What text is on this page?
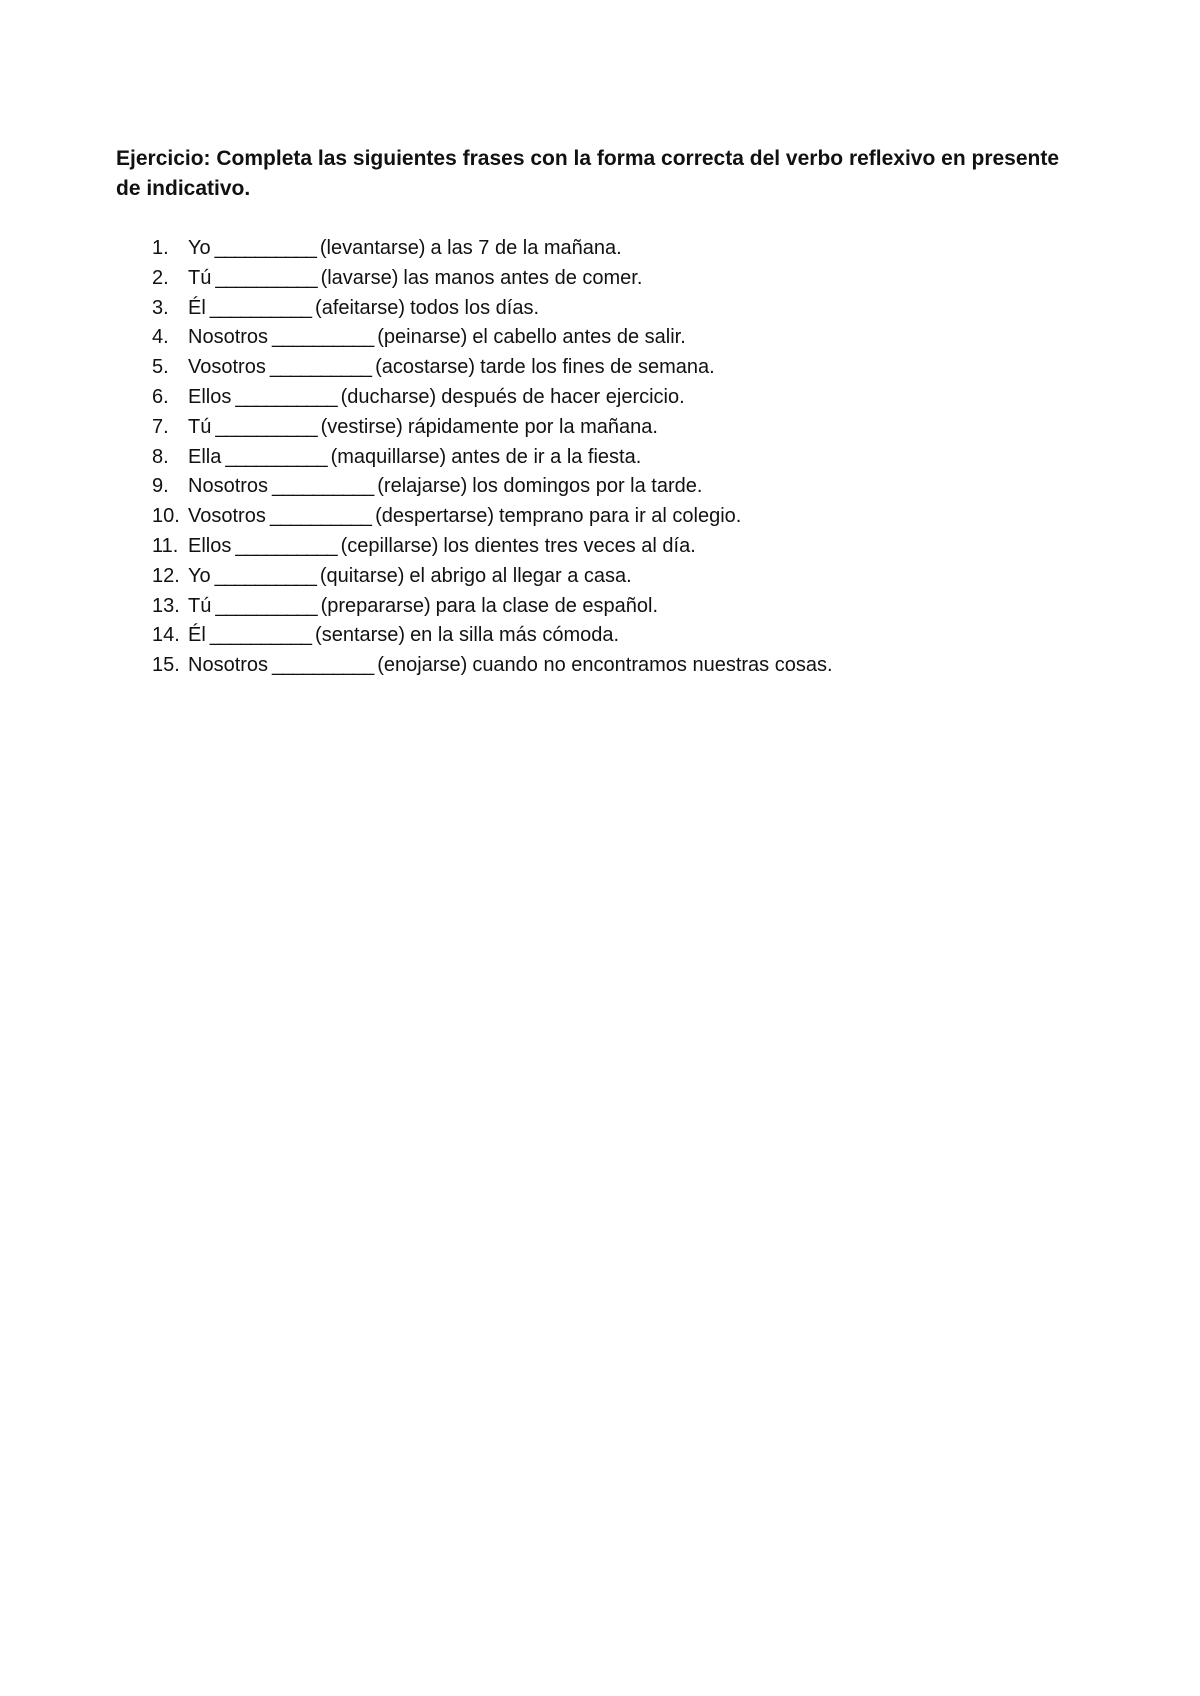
Ejercicio: Completa las siguientes frases con la forma correcta del verbo reflexivo en presente de indicativo.

1. Yo __________ (levantarse) a las 7 de la mañana.
2. Tú __________ (lavarse) las manos antes de comer.
3. Él __________ (afeitarse) todos los días.
4. Nosotros __________ (peinarse) el cabello antes de salir.
5. Vosotros __________ (acostarse) tarde los fines de semana.
6. Ellos __________ (ducharse) después de hacer ejercicio.
7. Tú __________ (vestirse) rápidamente por la mañana.
8. Ella __________ (maquillarse) antes de ir a la fiesta.
9. Nosotros __________ (relajarse) los domingos por la tarde.
10. Vosotros __________ (despertarse) temprano para ir al colegio.
11. Ellos __________ (cepillarse) los dientes tres veces al día.
12. Yo __________ (quitarse) el abrigo al llegar a casa.
13. Tú __________ (prepararse) para la clase de español.
14. Él __________ (sentarse) en la silla más cómoda.
15. Nosotros __________ (enojarse) cuando no encontramos nuestras cosas.
